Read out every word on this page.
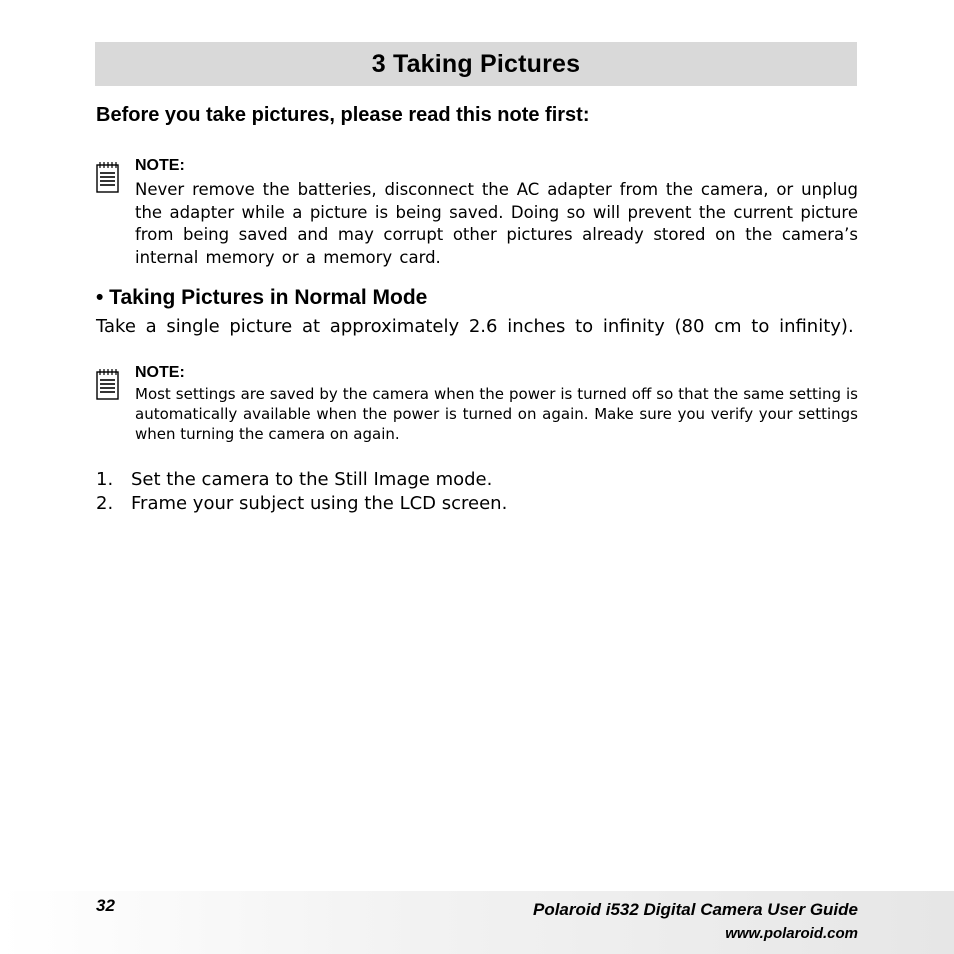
3 Taking Pictures

Before you take pictures, please read this note first:

NOTE:

Never remove the batteries, disconnect the AC adapter from the camera, or unplug the adapter while a picture is being saved. Doing so will prevent the current picture from being saved and may corrupt other pictures already stored on the camera’s internal memory or a memory card.

• Taking Pictures in Normal Mode

Take a single picture at approximately 2.6 inches to infinity (80 cm to infinity).

NOTE:

Most settings are saved by the camera when the power is turned off so that the same setting is automatically available when the power is turned on again. Make sure you verify your settings when turning the camera on again.

1. Set the camera to the Still Image mode.
2. Frame your subject using the LCD screen.

32	Polaroid i532 Digital Camera User Guide

www.polaroid.com
